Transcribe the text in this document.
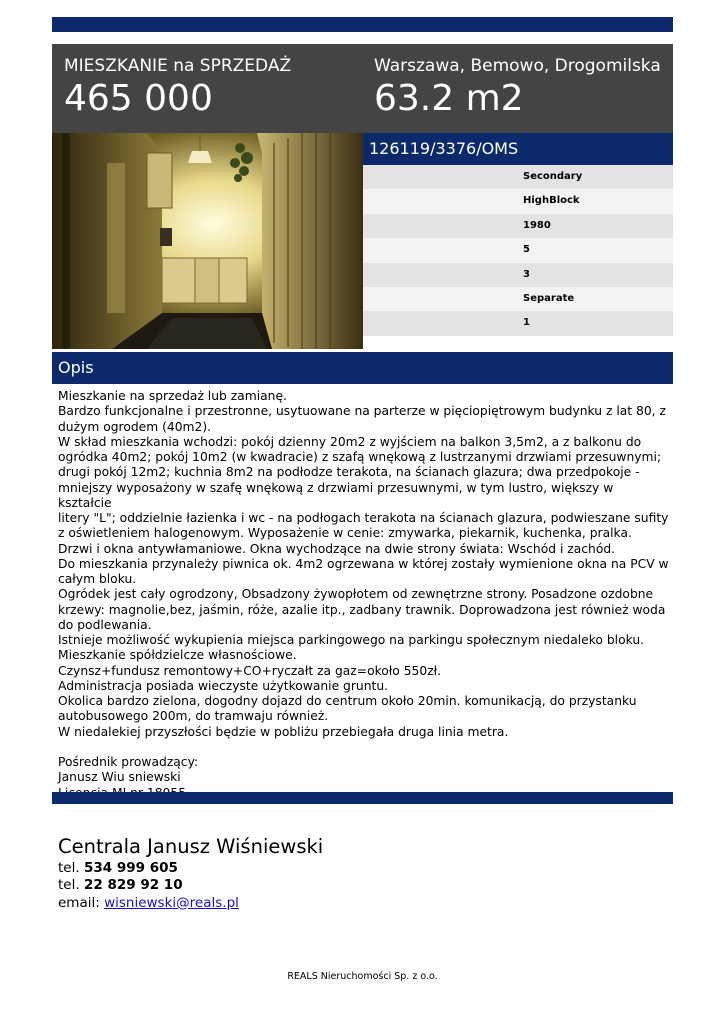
MIESZKANIE na SPRZEDAŻ
465 000
Warszawa, Bemowo, Drogomilska
63.2 m2
126119/3376/OMS
Secondary
HighBlock
1980
5
3
Separate
1
Opis
Mieszkanie na sprzedaż lub zamianę.
Bardzo funkcjonalne i przestronne, usytuowane na parterze w pięciopiętrowym budynku z lat 80, z
dużym ogrodem (40m2).
W skład mieszkania wchodzi: pokój dzienny 20m2 z wyjściem na balkon 3,5m2, a z balkonu do
ogródka 40m2; pokój 10m2 (w kwadracie) z szafą wnękową z lustrzanymi drzwiami przesuwnymi;
drugi pokój 12m2; kuchnia 8m2 na podłodze terakota, na ścianach glazura; dwa przedpokoje -
mniejszy wyposażony w szafę wnękową z drzwiami przesuwnymi, w tym lustro, większy w kształcie
litery "L"; oddzielnie łazienka i wc - na podłogach terakota na ścianach glazura, podwieszane sufity
z oświetleniem halogenowym. Wyposażenie w cenie: zmywarka, piekarnik, kuchenka, pralka.
Drzwi i okna antywłamaniowe. Okna wychodzące na dwie strony świata: Wschód i zachód.
Do mieszkania przynależy piwnica ok. 4m2 ogrzewana w której zostały wymienione okna na PCV w
całym bloku.
Ogródek jest cały ogrodzony, Obsadzony żywopłotem od zewnętrzne strony. Posadzone ozdobne
krzewy: magnolie,bez, jaśmin, róże, azalie itp., zadbany trawnik. Doprowadzona jest również woda
do podlewania.
Istnieje możliwość wykupienia miejsca parkingowego na parkingu społecznym niedaleko bloku.
Mieszkanie spółdzielcze własnościowe.
Czynsz+fundusz remontowy+CO+ryczałt za gaz=około 550zł.
Administracja posiada wieczyste użytkowanie gruntu.
Okolica bardzo zielona, dogodny dojazd do centrum około 20min. komunikacją, do przystanku
autobusowego 200m, do tramwaju również.
W niedalekiej przyszłości będzie w pobliżu przebiegała druga linia metra.

Pośrednik prowadzący:
Janusz Wiu sniewski

Centrala Janusz Wiśniewski
tel. 534 999 605
tel. 22 829 92 10
email: wisniewski@reals.pl
REALS Nieruchomości Sp. z o.o.
